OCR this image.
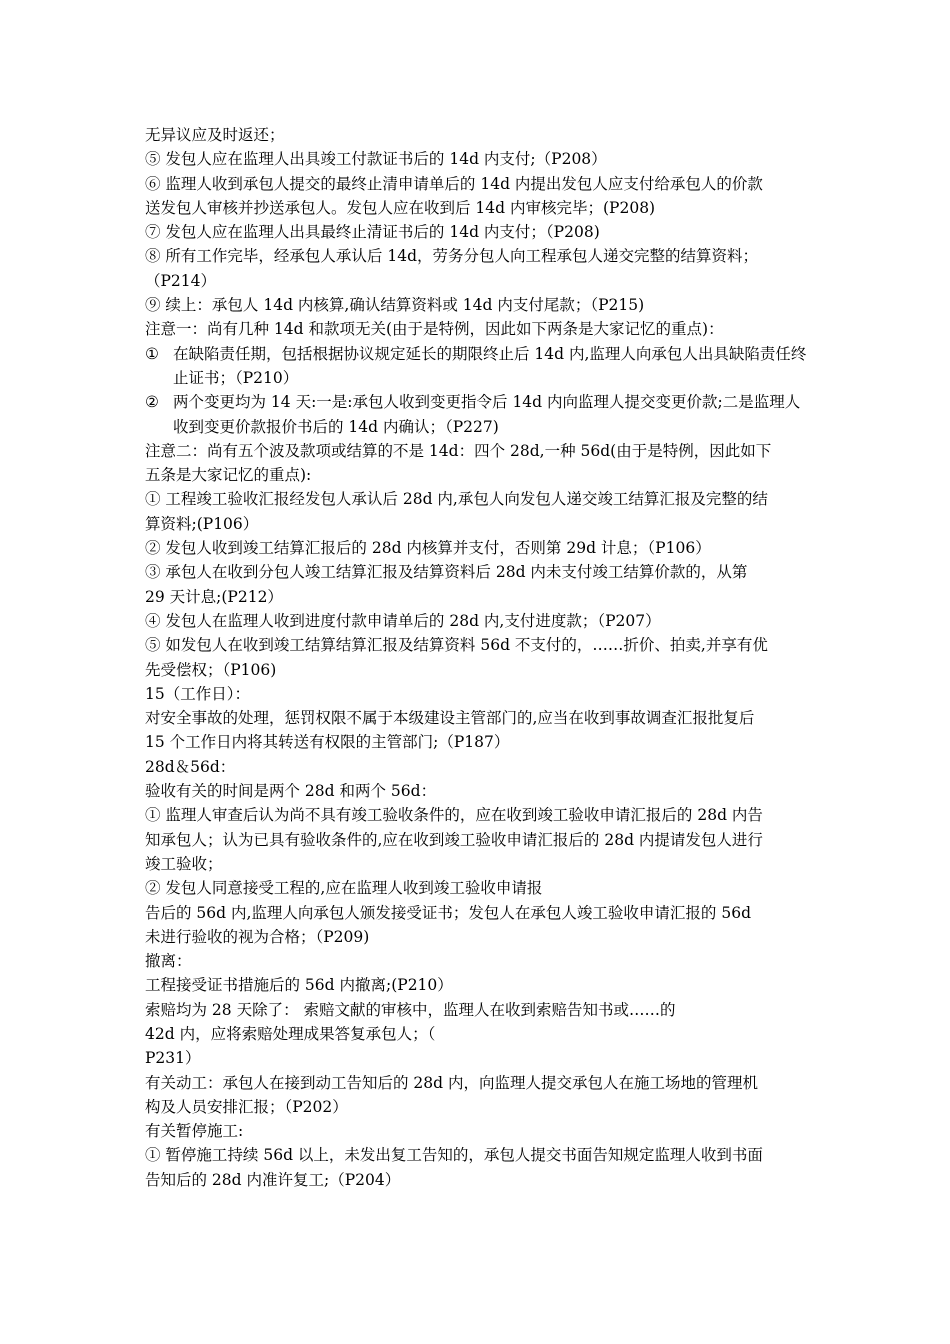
无异议应及时返还；

⑤ 发包人应在监理人出具竣工付款证书后的 14d 内支付;（P208）

⑥ 监理人收到承包人提交的最终止清申请单后的 14d 内提出发包人应支付给承包人的价款

送发包人审核并抄送承包人。发包人应在收到后 14d 内审核完毕；(P208)

⑦ 发包人应在监理人出具最终止清证书后的 14d 内支付；（P208)

⑧ 所有工作完毕，经承包人承认后 14d，劳务分包人向工程承包人递交完整的结算资料；

（P214）

⑨ 续上：承包人 14d 内核算,确认结算资料或 14d 内支付尾款；（P215)

注意一：尚有几种 14d 和款项无关(由于是特例，因此如下两条是大家记忆的重点)：

① 在缺陷责任期，包括根据协议规定延长的期限终止后 14d 内,监理人向承包人出具缺陷责任终止证书；（P210）
② 两个变更均为 14 天:一是:承包人收到变更指令后 14d 内向监理人提交变更价款;二是监理人收到变更价款报价书后的 14d 内确认；（P227)

注意二：尚有五个波及款项或结算的不是 14d：四个 28d,一种 56d(由于是特例，因此如下

五条是大家记忆的重点):

① 工程竣工验收汇报经发包人承认后 28d 内,承包人向发包人递交竣工结算汇报及完整的结

算资料;(P106）

② 发包人收到竣工结算汇报后的 28d 内核算并支付，否则第 29d 计息；（P106）

③ 承包人在收到分包人竣工结算汇报及结算资料后 28d 内未支付竣工结算价款的，从第

29 天计息;(P212）

④ 发包人在监理人收到进度付款申请单后的 28d 内,支付进度款；（P207）

⑤ 如发包人在收到竣工结算结算汇报及结算资料 56d 不支付的，……折价、拍卖,并享有优

先受偿权；（P106)

15（工作日）：

对安全事故的处理，惩罚权限不属于本级建设主管部门的,应当在收到事故调查汇报批复后

15 个工作日内将其转送有权限的主管部门;（P187）

28d＆56d：

验收有关的时间是两个 28d 和两个 56d：

① 监理人审查后认为尚不具有竣工验收条件的，应在收到竣工验收申请汇报后的 28d 内告

知承包人；认为已具有验收条件的,应在收到竣工验收申请汇报后的 28d 内提请发包人进行

竣工验收；

② 发包人同意接受工程的,应在监理人收到竣工验收申请报

告后的 56d 内,监理人向承包人颁发接受证书；发包人在承包人竣工验收申请汇报的 56d

未进行验收的视为合格；（P209)

撤离：

工程接受证书措施后的 56d 内撤离;(P210）

索赔均为 28 天除了： 索赔文献的审核中，监理人在收到索赔告知书或……的

42d 内，应将索赔处理成果答复承包人；（

P231）

有关动工：承包人在接到动工告知后的 28d 内，向监理人提交承包人在施工场地的管理机

构及人员安排汇报；（P202）

有关暂停施工:

① 暂停施工持续 56d 以上，未发出复工告知的，承包人提交书面告知规定监理人收到书面

告知后的 28d 内准许复工;（P204）
